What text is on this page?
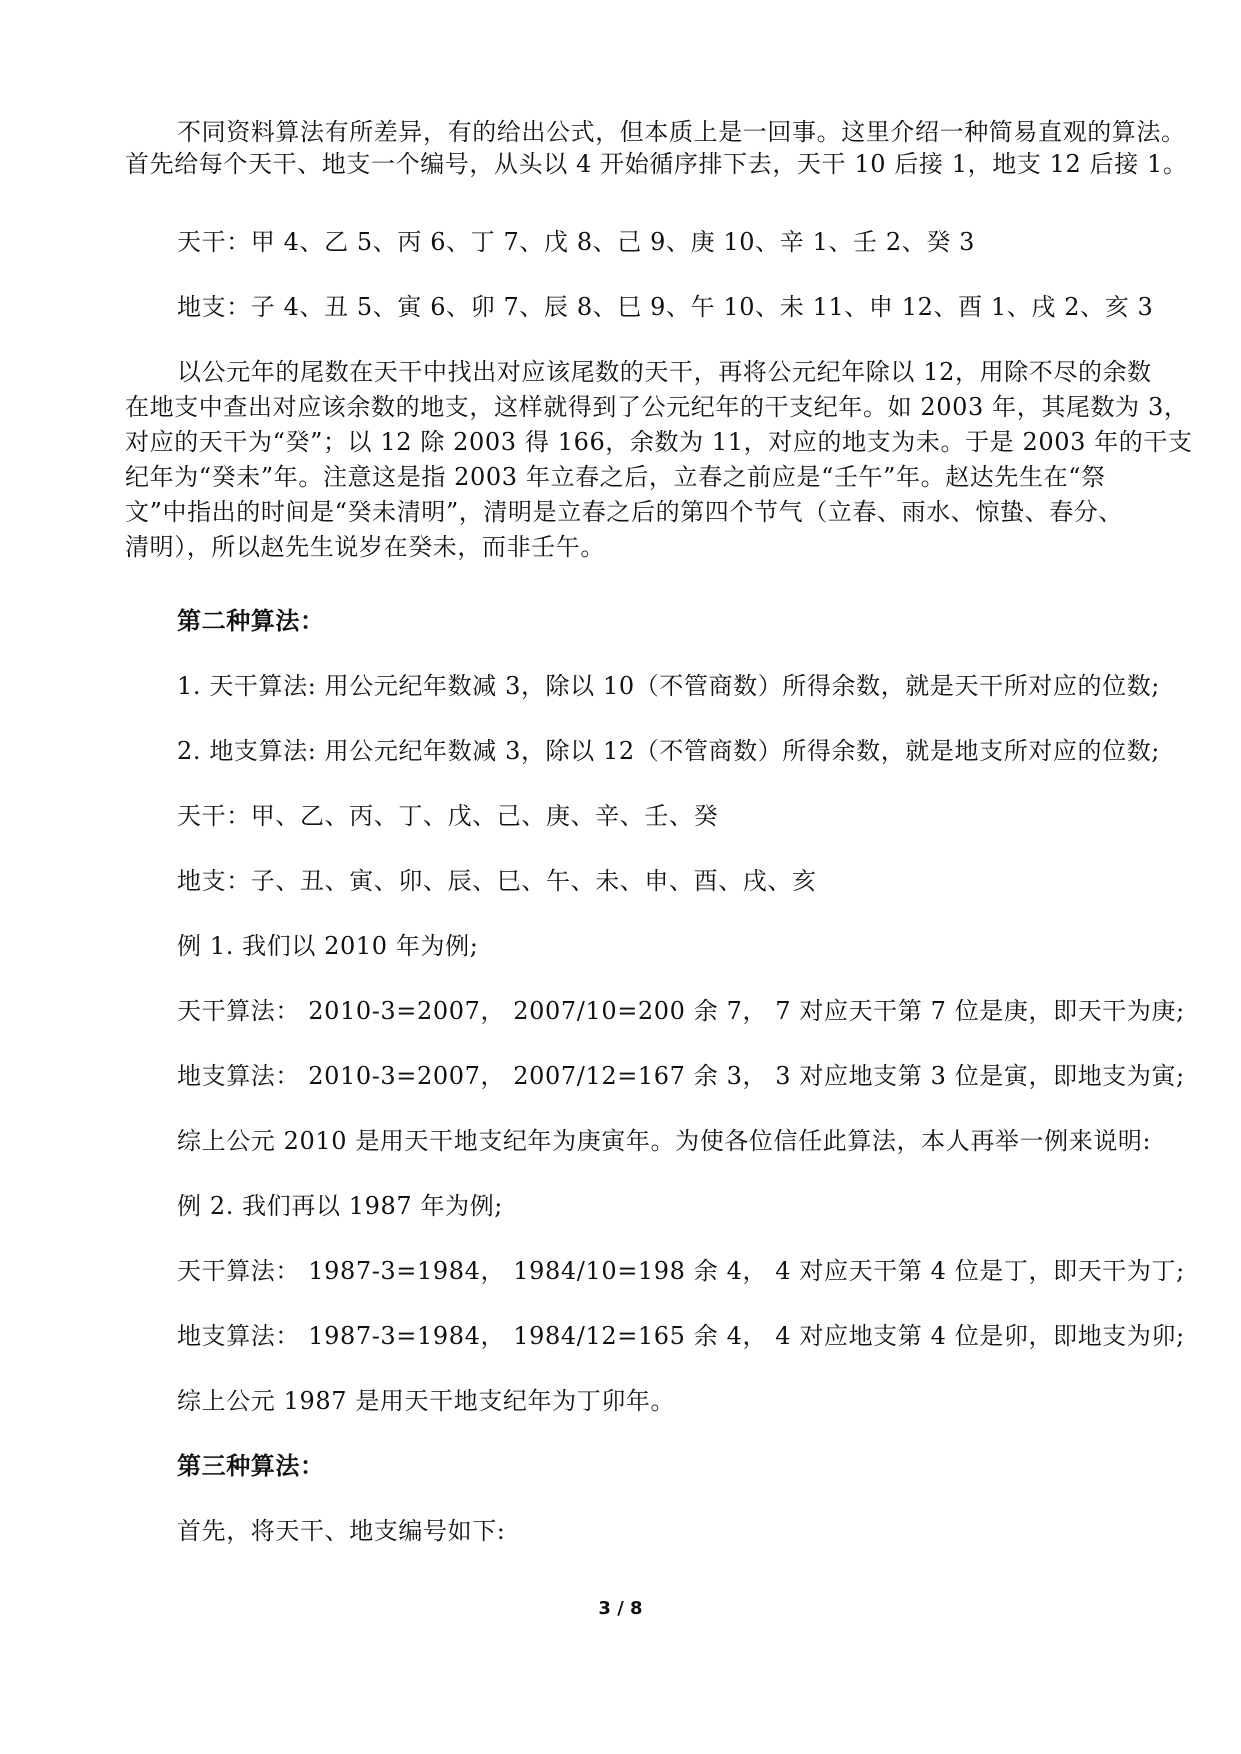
不同资料算法有所差异，有的给出公式，但本质上是一回事。这里介绍一种简易直观的算法。
首先给每个天干、地支一个编号，从头以 4 开始循序排下去，天干 10 后接 1，地支 12 后接 1。
天干：甲 4、乙 5、丙 6、丁 7、戊 8、己 9、庚 10、辛 1、壬 2、癸 3
地支：子 4、丑 5、寅 6、卯 7、辰 8、巳 9、午 10、未 11、申 12、酉 1、戌 2、亥 3
以公元年的尾数在天干中找出对应该尾数的天干，再将公元纪年除以 12，用除不尽的余数
在地支中查出对应该余数的地支，这样就得到了公元纪年的干支纪年。如 2003 年，其尾数为 3，
对应的天干为“癸”；以 12 除 2003 得 166，余数为 11，对应的地支为未。于是 2003 年的干支
纪年为“癸未”年。注意这是指 2003 年立春之后，立春之前应是“壬午”年。赵达先生在“祭
文”中指出的时间是“癸未清明”，清明是立春之后的第四个节气（立春、雨水、惊蛰、春分、
清明），所以赵先生说岁在癸未，而非壬午。
第二种算法：
1. 天干算法: 用公元纪年数减 3，除以 10（不管商数）所得余数，就是天干所对应的位数;
2. 地支算法: 用公元纪年数减 3，除以 12（不管商数）所得余数，就是地支所对应的位数;
天干：甲、乙、丙、丁、戊、己、庚、辛、壬、癸
地支：子、丑、寅、卯、辰、巳、午、未、申、酉、戌、亥
例 1. 我们以 2010 年为例;
天干算法： 2010-3=2007， 2007/10=200 余 7， 7 对应天干第 7 位是庚，即天干为庚;
地支算法： 2010-3=2007， 2007/12=167 余 3， 3 对应地支第 3 位是寅，即地支为寅;
综上公元 2010 是用天干地支纪年为庚寅年。为使各位信任此算法，本人再举一例来说明:
例 2. 我们再以 1987 年为例;
天干算法： 1987-3=1984， 1984/10=198 余 4， 4 对应天干第 4 位是丁，即天干为丁;
地支算法： 1987-3=1984， 1984/12=165 余 4， 4 对应地支第 4 位是卯，即地支为卯;
综上公元 1987 是用天干地支纪年为丁卯年。
第三种算法：
首先，将天干、地支编号如下:
3 / 8
